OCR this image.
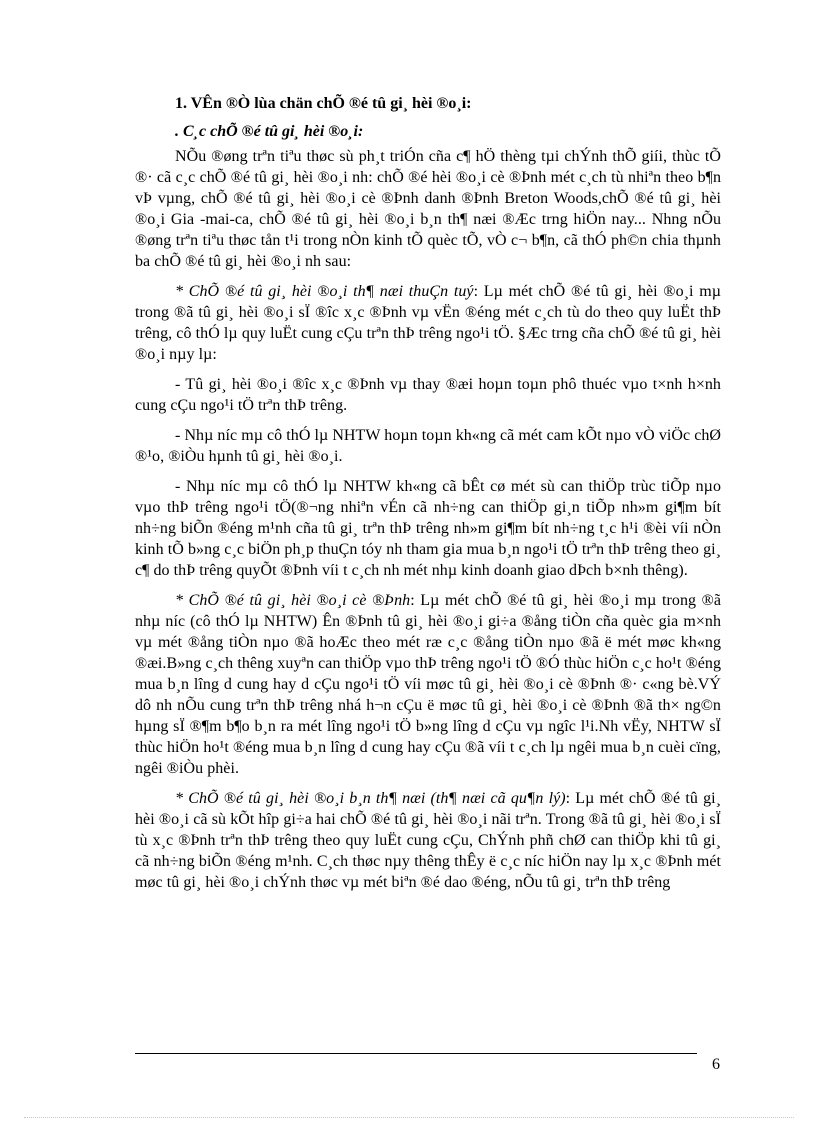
1. VÊn ®Ò lùa chän chÕ ®é tû gi¸ hèi ®o¸i:
. C¸c chÕ ®é tû gi¸ hèi ®o¸i:

NÕu ®øng trªn tiªu thøc sù ph¸t triÓn cña c¶ hÖ thèng tµi chÝnh thÕ giíi, thùc tÕ ®· cã c¸c chÕ ®é tû gi¸ hèi ®o¸i nh: chÕ ®é hèi ®o¸i cè ®Þnh mét c¸ch tù nhiªn theo b¶n vÞ vµng, chÕ ®é tû gi¸ hèi ®o¸i cè ®Þnh danh ®Þnh Breton Woods,chÕ ®é tû gi¸ hèi ®o¸i Gia -mai-ca, chÕ ®é tû gi¸ hèi ®o¸i b¸n th¶ næi ®Æc trng hiÖn nay... Nhng nÕu ®øng trªn tiªu thøc tån t¹i trong nÒn kinh tÕ quèc tÕ, vÒ c¬ b¶n, cã thÓ ph©n chia thµnh ba chÕ ®é tû gi¸ hèi ®o¸i nh sau:

* ChÕ ®é tû gi¸ hèi ®o¸i th¶ næi thuÇn tuý: Lµ mét chÕ ®é tû gi¸ hèi ®o¸i mµ trong ®ã tû gi¸ hèi ®o¸i sÏ ®îc x¸c ®Þnh vµ vËn ®éng mét c¸ch tù do theo quy luËt thÞ trêng, cô thÓ lµ quy luËt cung cÇu trªn thÞ trêng ngo¹i tÖ. §Æc trng cña chÕ ®é tû gi¸ hèi ®o¸i nµy lµ:

- Tû gi¸ hèi ®o¸i ®îc x¸c ®Þnh vµ thay ®æi hoµn toµn phô thuéc vµo t×nh h×nh cung cÇu ngo¹i tÖ trªn thÞ trêng.

- Nhµ níc mµ cô thÓ lµ NHTW hoµn toµn kh«ng cã mét cam kÕt nµo vÒ viÖc chØ ®¹o, ®iÒu hµnh tû gi¸ hèi ®o¸i.

- Nhµ níc mµ cô thÓ lµ NHTW kh«ng cã bÊt cø mét sù can thiÖp trùc tiÕp nµo vµo thÞ trêng ngo¹i tÖ(®¬ng nhiªn vÉn cã nh÷ng can thiÖp gi¸n tiÕp nh»m gi¶m bít nh÷ng biÕn ®éng m¹nh cña tû gi¸ trªn thÞ trêng nh»m gi¶m bít nh÷ng t¸c h¹i ®èi víi nÒn kinh tÕ b»ng c¸c biÖn ph¸p thuÇn tóy nh tham gia mua b¸n ngo¹i tÖ trªn thÞ trêng theo gi¸ c¶ do thÞ trêng quyÕt ®Þnh víi t c¸ch nh mét nhµ kinh doanh giao dÞch b×nh thêng).

* ChÕ ®é tû gi¸ hèi ®o¸i cè ®Þnh: Lµ mét chÕ ®é tû gi¸ hèi ®o¸i mµ trong ®ã nhµ níc (cô thÓ lµ NHTW) Ên ®Þnh tû gi¸ hèi ®o¸i gi÷a ®ång tiÒn cña quèc gia m×nh vµ mét ®ång tiÒn nµo ®ã hoÆc theo mét ræ c¸c ®ång tiÒn nµo ®ã ë mét møc kh«ng ®æi.B»ng c¸ch thêng xuyªn can thiÖp vµo thÞ trêng ngo¹i tÖ ®Ó thùc hiÖn c¸c ho¹t ®éng mua b¸n lîng d cung hay d cÇu ngo¹i tÖ víi møc tû gi¸ hèi ®o¸i cè ®Þnh ®· c«ng bè.VÝ dô nh nÕu cung trªn thÞ trêng nhá h¬n cÇu ë møc tû gi¸ hèi ®o¸i cè ®Þnh ®ã th× ng©n hµng sÏ ®¶m b¶o b¸n ra mét lîng ngo¹i tÖ b»ng lîng d cÇu vµ ngîc l¹i.Nh vËy, NHTW sÏ thùc hiÖn ho¹t ®éng mua b¸n lîng d cung hay cÇu ®ã víi t c¸ch lµ ngêi mua b¸n cuèi cïng, ngêi ®iÒu phèi.

* ChÕ ®é tû gi¸ hèi ®o¸i b¸n th¶ næi (th¶ næi cã qu¶n lý): Lµ mét chÕ ®é tû gi¸ hèi ®o¸i cã sù kÕt hîp gi÷a hai chÕ ®é tû gi¸ hèi ®o¸i nãi trªn. Trong ®ã tû gi¸ hèi ®o¸i sÏ tù x¸c ®Þnh trªn thÞ trêng theo quy luËt cung cÇu, ChÝnh phñ chØ can thiÖp khi tû gi¸ cã nh÷ng biÕn ®éng m¹nh. C¸ch thøc nµy thêng thÊy ë c¸c níc hiÖn nay lµ x¸c ®Þnh mét møc tû gi¸ hèi ®o¸i chÝnh thøc vµ mét biªn ®é dao ®éng, nÕu tû gi¸ trªn thÞ trêng

6
